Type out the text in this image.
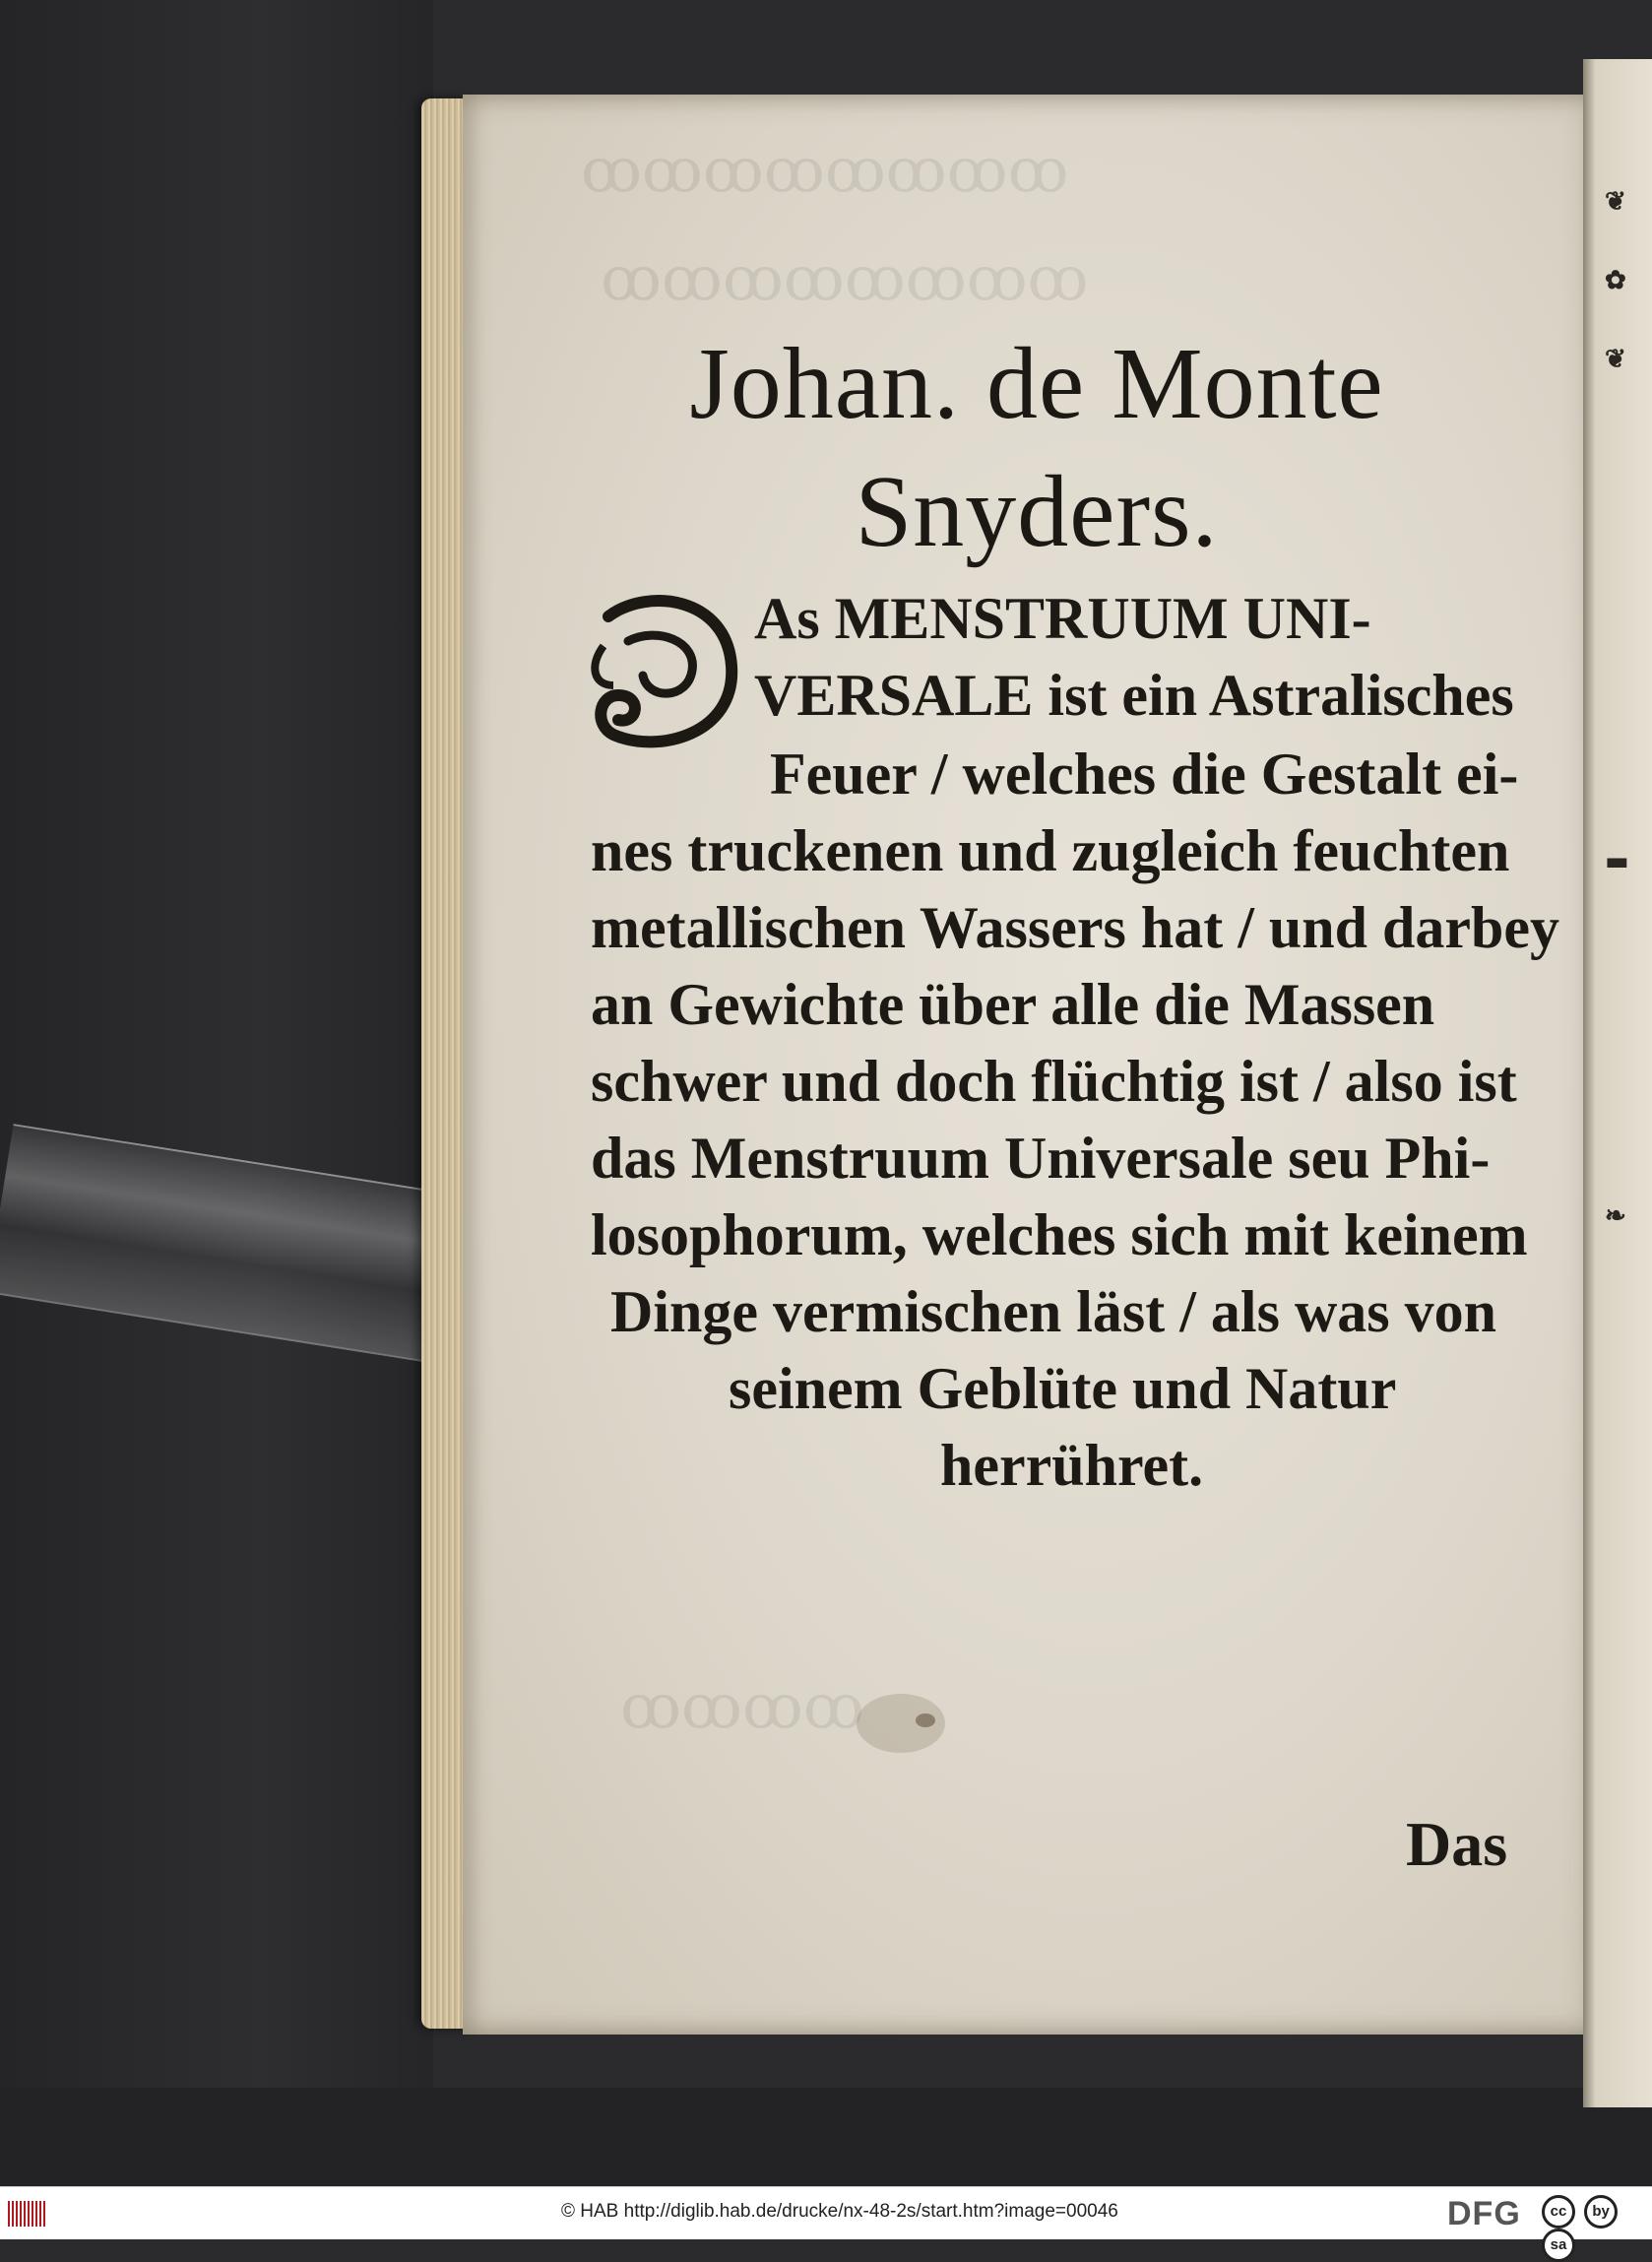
ꝏꝏꝏꝏꝏꝏꝏꝏ
ꝏꝏꝏꝏꝏꝏꝏꝏ
ꝏꝏꝏꝏ
❦
✿
❦
▬
❧
Johan. de Monte
Snyders.
As MENSTRUUM UNI-
VERSALE ist ein Astralisches
Feuer / welches die Gestalt ei-
nes truckenen und zugleich feuchten
metallischen Wassers hat / und darbey
an Gewichte über alle die Massen
schwer und doch flüchtig ist / also ist
das Menstruum Universale seu Phi-
losophorum, welches sich mit keinem
Dinge vermischen läst / als was von
seinem Geblüte und Natur
herrühret.
Das
© HAB http://diglib.hab.de/drucke/nx-48-2s/start.htm?image=00046	DFG	cc by sa
